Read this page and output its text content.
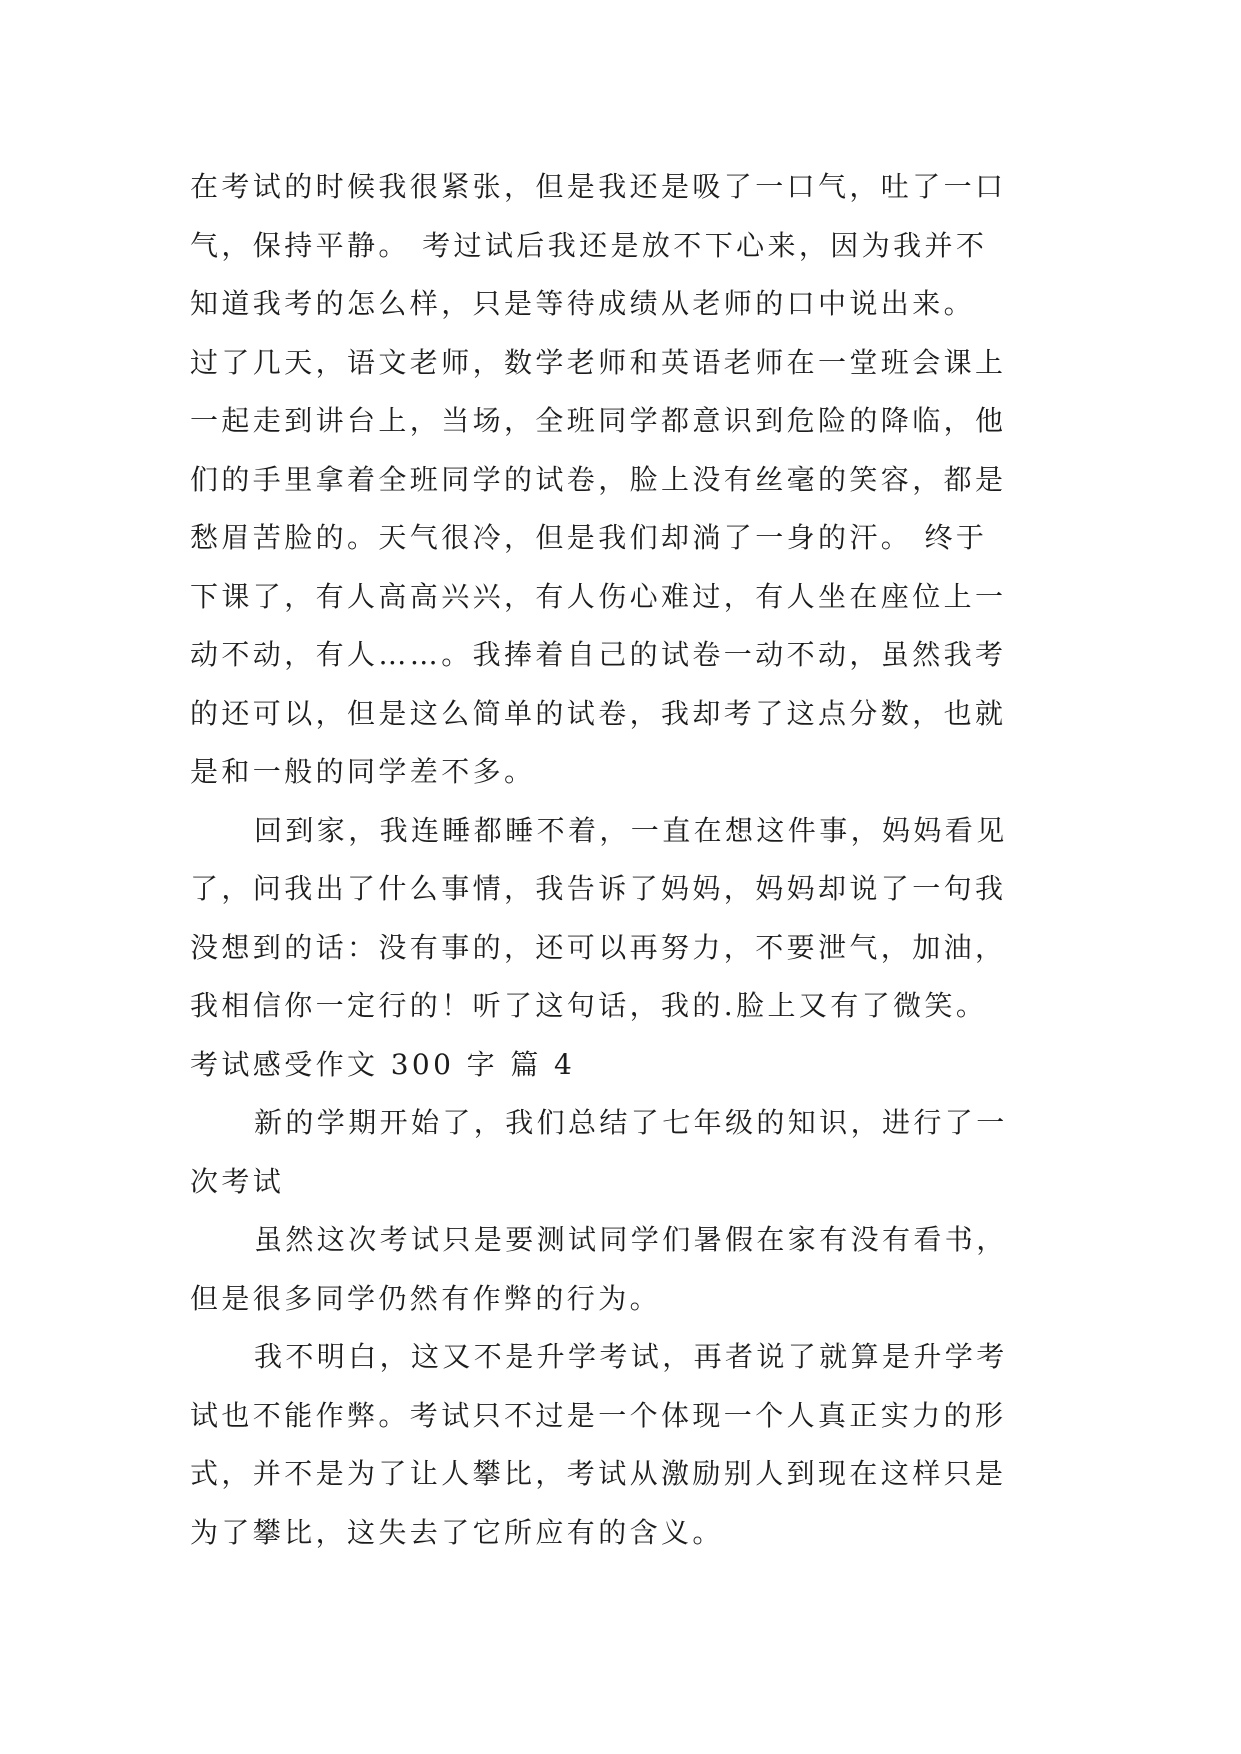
在考试的时候我很紧张，但是我还是吸了一口气，吐了一口
气，保持平静。 考过试后我还是放不下心来，因为我并不
知道我考的怎么样，只是等待成绩从老师的口中说出来。
过了几天，语文老师，数学老师和英语老师在一堂班会课上
一起走到讲台上，当场，全班同学都意识到危险的降临，他
们的手里拿着全班同学的试卷，脸上没有丝毫的笑容，都是
愁眉苦脸的。天气很冷，但是我们却淌了一身的汗。 终于
下课了，有人高高兴兴，有人伤心难过，有人坐在座位上一
动不动，有人……。我捧着自己的试卷一动不动，虽然我考
的还可以，但是这么简单的试卷，我却考了这点分数，也就
是和一般的同学差不多。
回到家，我连睡都睡不着，一直在想这件事，妈妈看见
了，问我出了什么事情，我告诉了妈妈，妈妈却说了一句我
没想到的话：没有事的，还可以再努力，不要泄气，加油，
我相信你一定行的！听了这句话，我的.脸上又有了微笑。
考试感受作文 300 字 篇 4
新的学期开始了，我们总结了七年级的知识，进行了一
次考试
虽然这次考试只是要测试同学们暑假在家有没有看书，
但是很多同学仍然有作弊的行为。
我不明白，这又不是升学考试，再者说了就算是升学考
试也不能作弊。考试只不过是一个体现一个人真正实力的形
式，并不是为了让人攀比，考试从激励别人到现在这样只是
为了攀比，这失去了它所应有的含义。
